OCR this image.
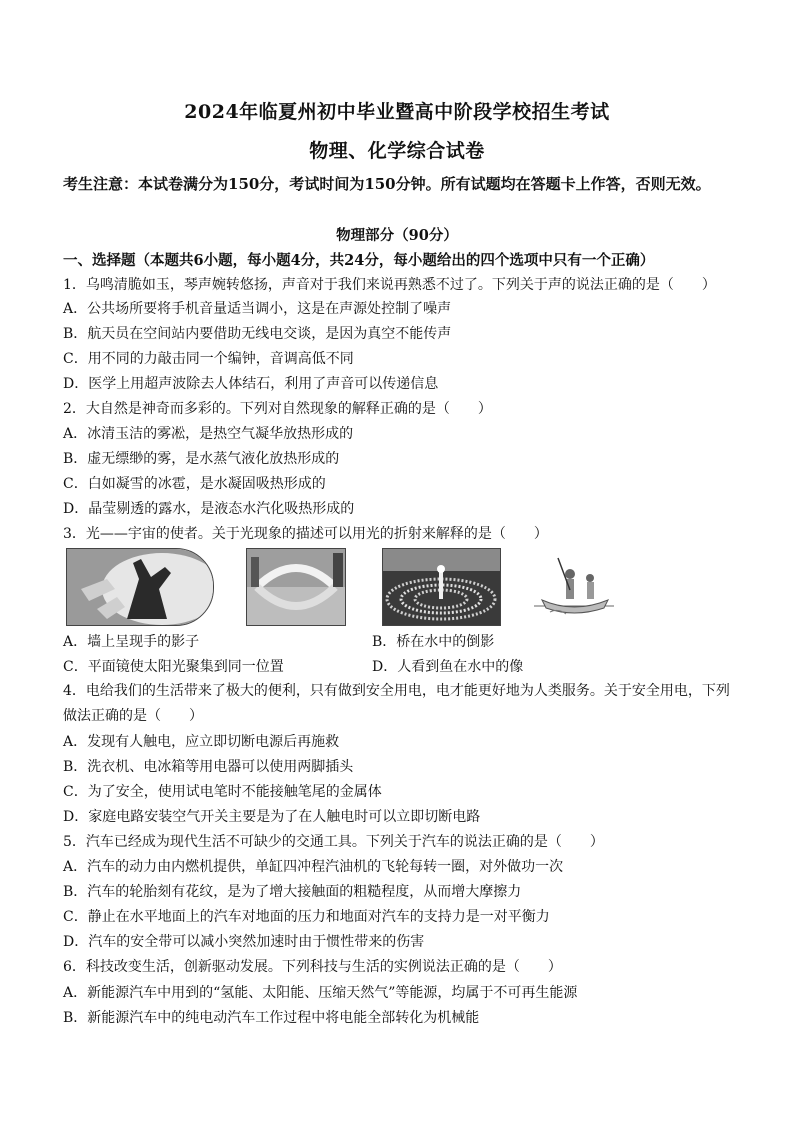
2024年临夏州初中毕业暨高中阶段学校招生考试
物理、化学综合试卷
考生注意：本试卷满分为150分，考试时间为150分钟。所有试题均在答题卡上作答，否则无效。
物理部分（90分）
一、选择题（本题共6小题，每小题4分，共24分，每小题给出的四个选项中只有一个正确）
1．乌鸣清脆如玉，琴声婉转悠扬，声音对于我们来说再熟悉不过了。下列关于声的说法正确的是（　　）
A．公共场所要将手机音量适当调小，这是在声源处控制了噪声
B．航天员在空间站内要借助无线电交谈，是因为真空不能传声
C．用不同的力敲击同一个编钟，音调高低不同
D．医学上用超声波除去人体结石，利用了声音可以传递信息
2．大自然是神奇而多彩的。下列对自然现象的解释正确的是（　　）
A．冰清玉洁的雾凇，是热空气凝华放热形成的
B．虚无缥缈的雾，是水蒸气液化放热形成的
C．白如凝雪的冰雹，是水凝固吸热形成的
D．晶莹剔透的露水，是液态水汽化吸热形成的
3．光——宇宙的使者。关于光现象的描述可以用光的折射来解释的是（　　）
A．墙上呈现手的影子	B．桥在水中的倒影
C．平面镜使太阳光聚集到同一位置	D．人看到鱼在水中的像
4．电给我们的生活带来了极大的便利，只有做到安全用电，电才能更好地为人类服务。关于安全用电，下列做法正确的是（　　）
A．发现有人触电，应立即切断电源后再施救
B．洗衣机、电冰箱等用电器可以使用两脚插头
C．为了安全，使用试电笔时不能接触笔尾的金属体
D．家庭电路安装空气开关主要是为了在人触电时可以立即切断电路
5．汽车已经成为现代生活不可缺少的交通工具。下列关于汽车的说法正确的是（　　）
A．汽车的动力由内燃机提供，单缸四冲程汽油机的飞轮每转一圈，对外做功一次
B．汽车的轮胎刻有花纹，是为了增大接触面的粗糙程度，从而增大摩擦力
C．静止在水平地面上的汽车对地面的压力和地面对汽车的支持力是一对平衡力
D．汽车的安全带可以减小突然加速时由于惯性带来的伤害
6．科技改变生活，创新驱动发展。下列科技与生活的实例说法正确的是（　　）
A．新能源汽车中用到的“氢能、太阳能、压缩天然气”等能源，均属于不可再生能源
B．新能源汽车中的纯电动汽车工作过程中将电能全部转化为机械能
